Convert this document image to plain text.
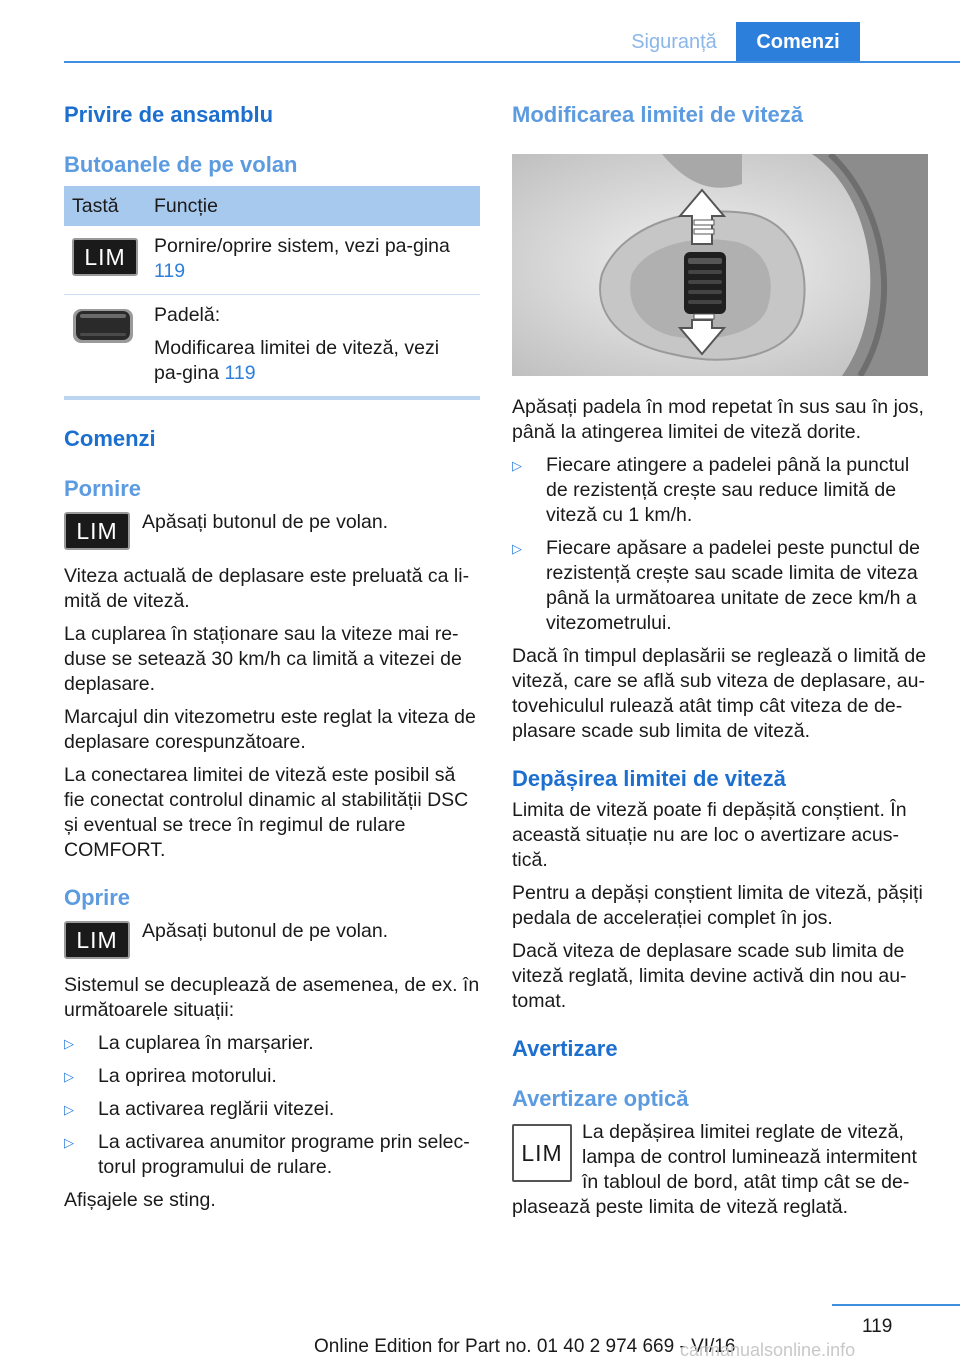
Siguranță	Comenzi
Privire de ansamblu
Butoanele de pe volan
Tastă	Funcție

LIM	Pornire/oprire sistem, vezi pa-gina 119

Padelă:
Modificarea limitei de viteză, vezi pa-gina 119
Comenzi
Pornire
LIM	Apăsați butonul de pe volan.

Viteza actuală de deplasare este preluată ca li-mită de viteză.

La cuplarea în staționare sau la viteze mai re-duse se setează 30 km/h ca limită a vitezei de deplasare.

Marcajul din vitezometru este reglat la viteza de deplasare corespunzătoare.

La conectarea limitei de viteză este posibil să fie conectat controlul dinamic al stabilității DSC și eventual se trece în regimul de rulare COMFORT.

Oprire
LIM	Apăsați butonul de pe volan.

Sistemul se decuplează de asemenea, de ex. în următoarele situații:

▷	La cuplarea în marșarier.
▷	La oprirea motorului.
▷	La activarea reglării vitezei.
▷	La activarea anumitor programe prin selec-torul programului de rulare.

Afișajele se sting.

Modificarea limitei de viteză

Apăsați padela în mod repetat în sus sau în jos, până la atingerea limitei de viteză dorite.

▷	Fiecare atingere a padelei până la punctul de rezistență crește sau reduce limită de viteză cu 1 km/h.
▷	Fiecare apăsare a padelei peste punctul de rezistență crește sau scade limita de viteza până la următoarea unitate de zece km/h a vitezometrului.

Dacă în timpul deplasării se reglează o limită de viteză, care se află sub viteza de deplasare, au-tovehiculul rulează atât timp cât viteza de de-plasare scade sub limita de viteză.

Depășirea limitei de viteză

Limita de viteză poate fi depășită conștient. În această situație nu are loc o avertizare acus-tică.

Pentru a depăși conștient limita de viteză, pășiți pedala de accelerației complet în jos.

Dacă viteza de deplasare scade sub limita de viteză reglată, limita devine activă din nou au-tomat.

Avertizare
Avertizare optică
LIM

La depășirea limitei reglate de viteză, lampa de control luminează intermitent în tabloul de bord, atât timp cât se de-plasează peste limita de viteză reglată.

119
Online Edition for Part no. 01 40 2 974 669 - VI/16
carmanualsonline.info
